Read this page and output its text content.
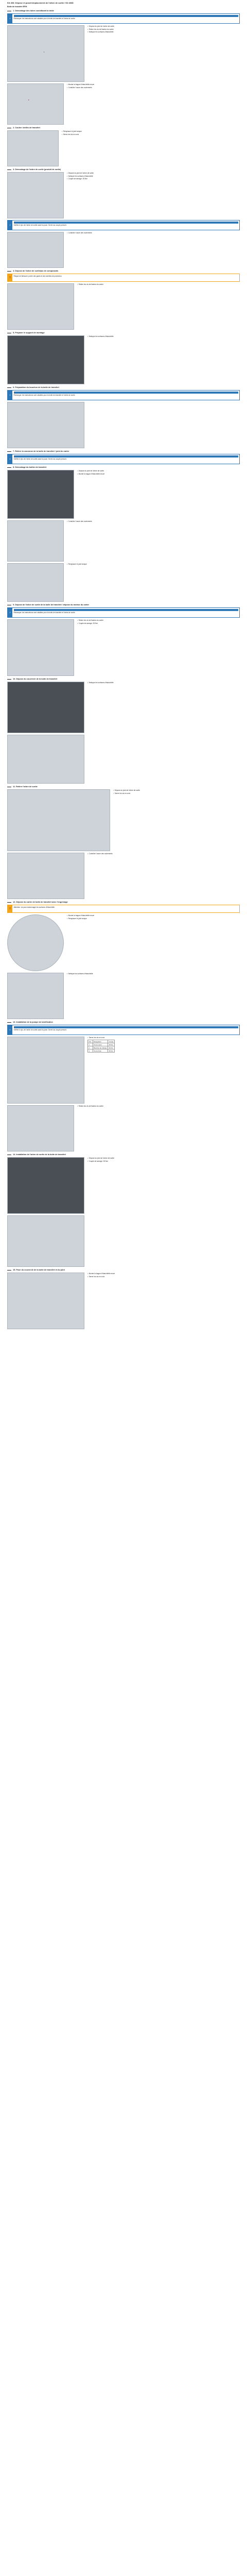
Kit 406: Dépose et pose/remplacement de l'arbre de sortie / Kit 4WD
Boîte de transfert EFM
1. Démontage des tubes constituant la bride
i	Remarque: les instructions sont valables pour la boîte de transfert et l'arbre de sortie.

1

• Dépose du joint de l'arbre de sortie

• Retirer les vis de fixation du carter

• Nettoyer les surfaces d'étanchéité

2

• Monter la bague d'étanchéité neuve

• Contrôler l'usure des roulements

2. Coulée: bielles de transfert

• Remplacer le joint torique

• Serrer les vis en croix

3. Démontage de l'arbre de sortie (produit de sortie)

• Dépose du joint de l'arbre de sortie

• Nettoyer les surfaces d'étanchéité

• Couple de serrage: 25 Nm

i	Vérifier le jeu de l'arbre de sortie avant la pose. Serrer au couple prescrit.

• Contrôler l'usure des roulements

4. Dépose de l'arbre de sortie/jeu de composants
!

Risque de blessure: porter des gants et des lunettes de protection.

• Retirer les vis de fixation du carter

5. Préparer le support de montage

• Nettoyer les surfaces d'étanchéité

6. Préparation du bouchon de la boîte de transfert
i	Remarque: les instructions sont valables pour la boîte de transfert et l'arbre de sortie.

7. Retirer la couronne de la boîte de transfert / joint du carter
i	Vérifier le jeu de l'arbre de sortie avant la pose. Serrer au couple prescrit.

8. Démontage du boîtier de transfert

• Dépose du joint de l'arbre de sortie

• Monter la bague d'étanchéité neuve

• Contrôler l'usure des roulements

• Remplacer le joint torique

9. Dépose de l'arbre de sortie de la boîte de transfert / dépose du moteur du carter
i	Remarque: les instructions sont valables pour la boîte de transfert et l'arbre de sortie.

• Retirer les vis de fixation du carter

• Couple de serrage: 25 Nm

10. Dépose du couvercle de la boîte de transfert

• Nettoyer les surfaces d'étanchéité

11. Retirer l'arbre de sortie

• Dépose du joint de l'arbre de sortie

• Serrer les vis en croix

• Contrôler l'usure des roulements

12. Dépose du carter de boîte de transfert avec l'engrenage
!

Attention: ne pas endommager les surfaces d'étanchéité.

• Monter la bague d'étanchéité neuve

• Remplacer le joint torique

• Nettoyer les surfaces d'étanchéité

13. Installation de la pompe de lubrification
i	Vérifier le jeu de l'arbre de sortie avant la pose. Serrer au couple prescrit.

• Serrer les vis en croix

Pos.	Désignation	Couple
1	Vis de carter	25 Nm
2	Bouchon de vidange	30 Nm
3	Vis de bride	45 Nm

• Retirer les vis de fixation du carter

14. Installation de l'arbre de sortie de la boîte de transfert

• Dépose du joint de l'arbre de sortie

• Couple de serrage: 25 Nm

15. Pose du couvercle de la boîte de transfert et du joint

• Monter la bague d'étanchéité neuve

• Serrer les vis en croix
